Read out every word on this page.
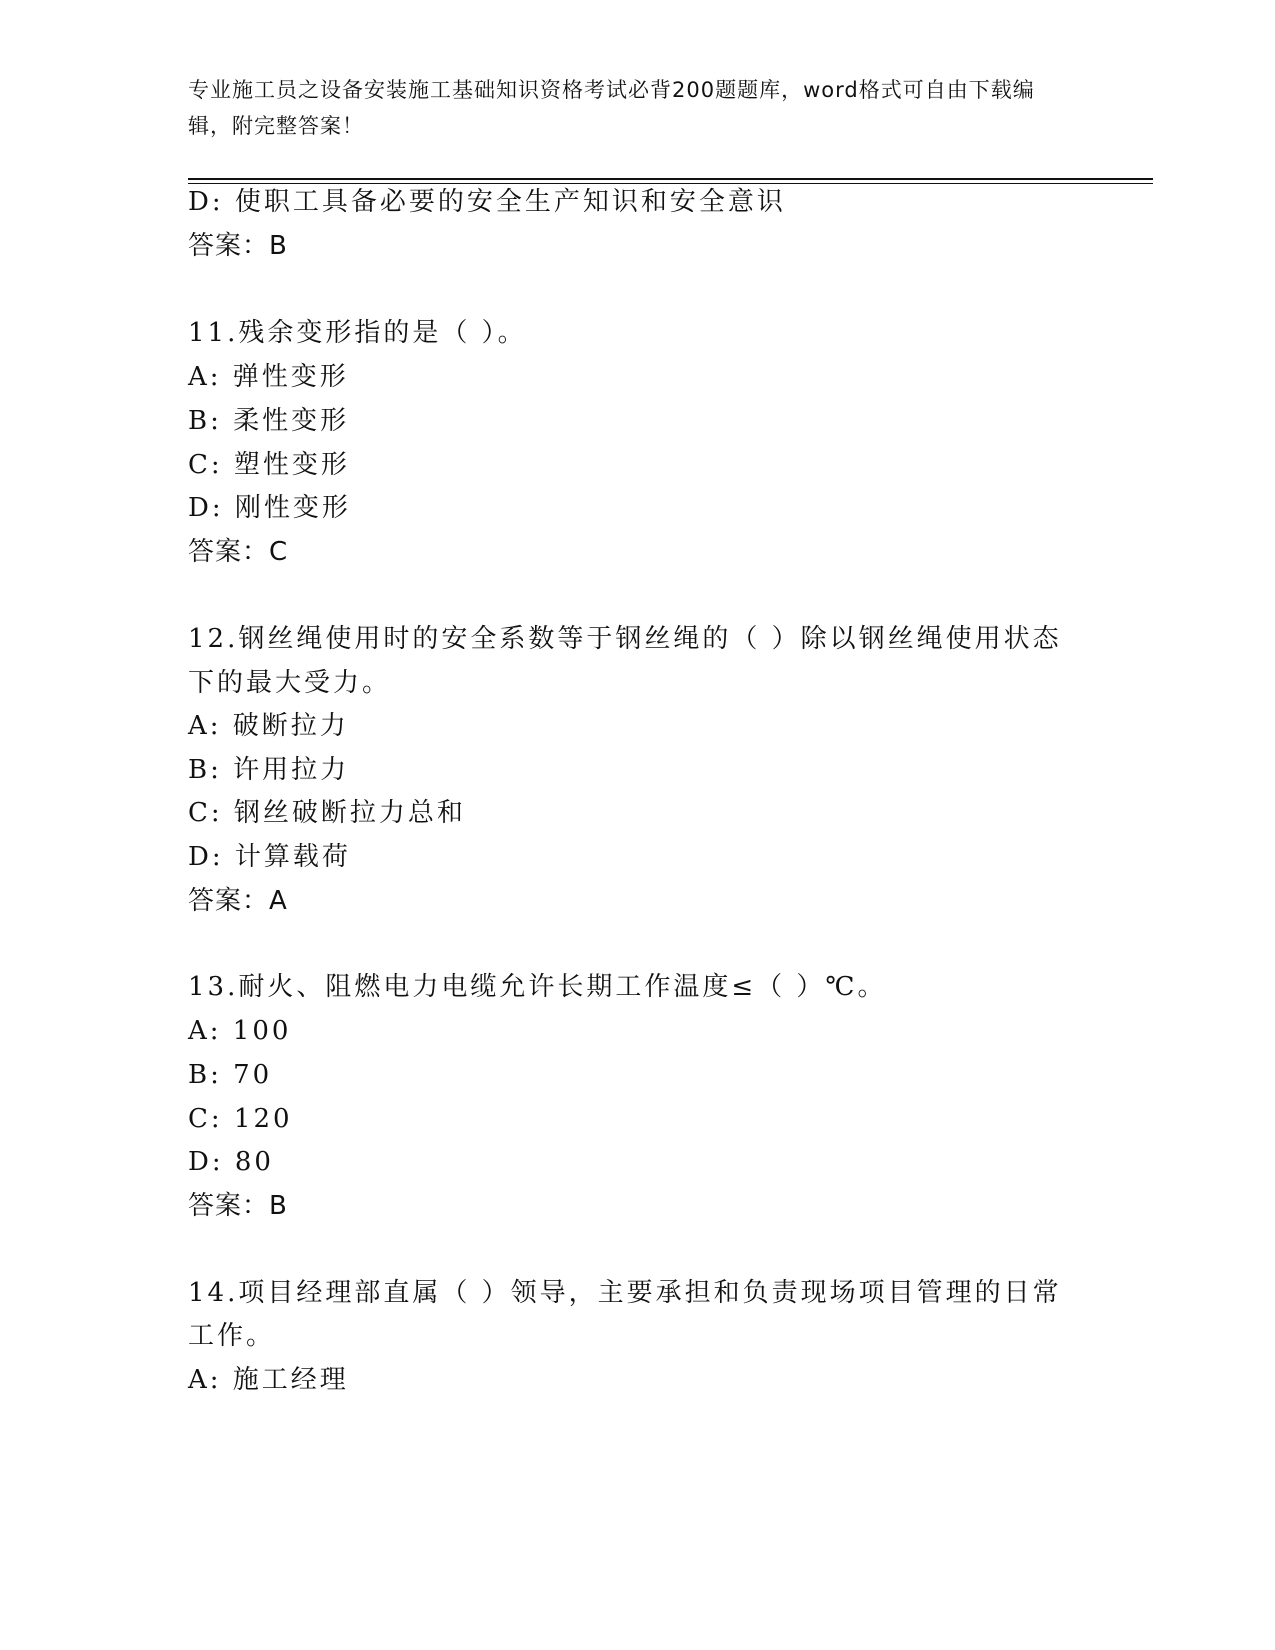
专业施工员之设备安装施工基础知识资格考试必背200题题库，word格式可自由下载编辑，附完整答案！
D: 使职工具备必要的安全生产知识和安全意识
答案：B
11.残余变形指的是（ ）。
A: 弹性变形
B: 柔性变形
C: 塑性变形
D: 刚性变形
答案：C
12.钢丝绳使用时的安全系数等于钢丝绳的（ ）除以钢丝绳使用状态
下的最大受力。
A: 破断拉力
B: 许用拉力
C: 钢丝破断拉力总和
D: 计算载荷
答案：A
13.耐火、阻燃电力电缆允许长期工作温度≤（ ）℃。
A: 100
B: 70
C: 120
D: 80
答案：B
14.项目经理部直属（ ）领导，主要承担和负责现场项目管理的日常
工作。
A: 施工经理
